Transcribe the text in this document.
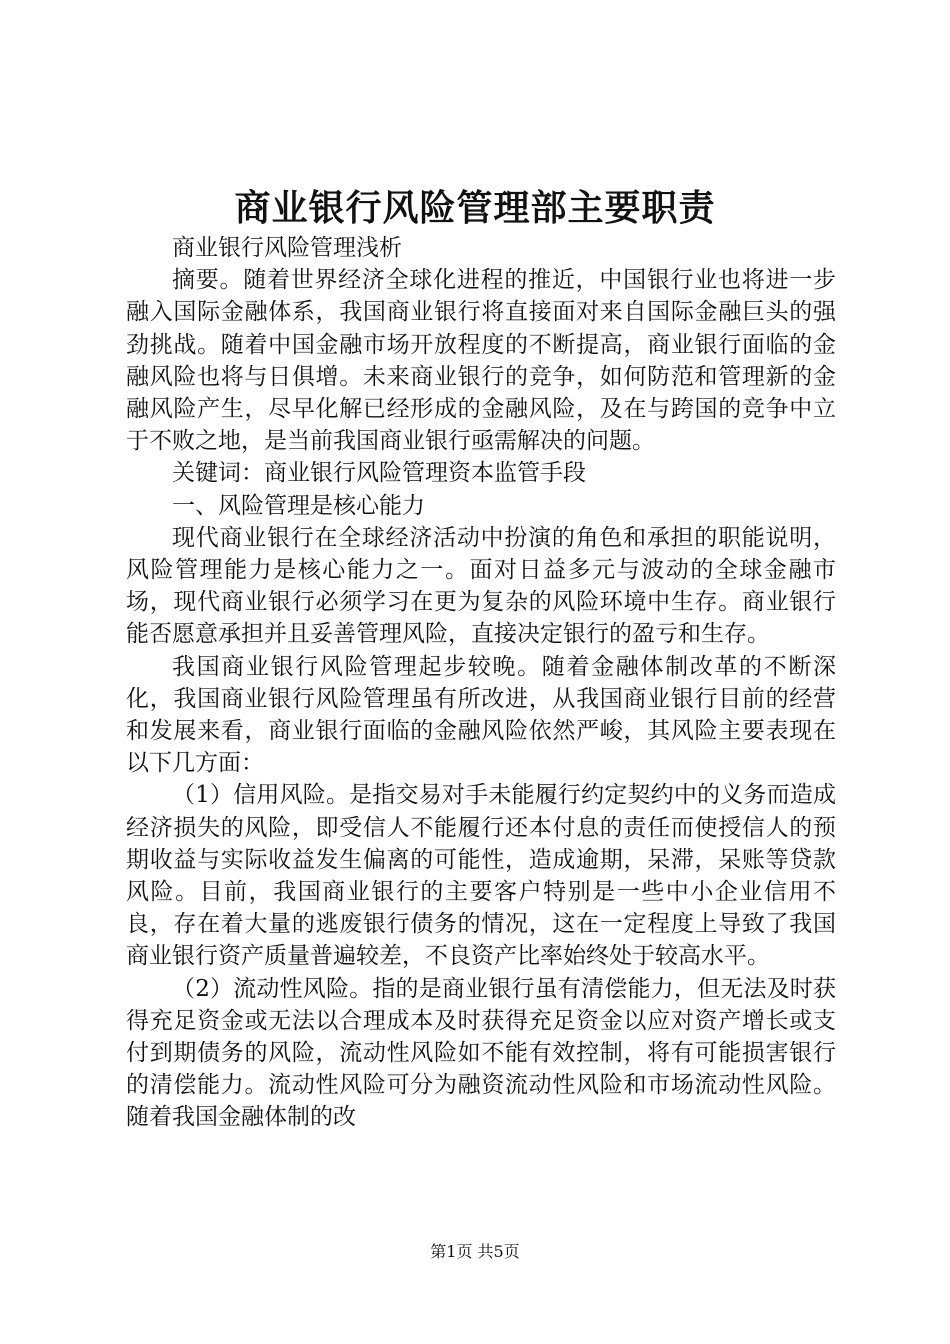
商业银行风险管理部主要职责

商业银行风险管理浅析

摘要。随着世界经济全球化进程的推近，中国银行业也将进一步融入国际金融体系，我国商业银行将直接面对来自国际金融巨头的强劲挑战。随着中国金融市场开放程度的不断提高，商业银行面临的金融风险也将与日俱增。未来商业银行的竞争，如何防范和管理新的金融风险产生，尽早化解已经形成的金融风险，及在与跨国的竞争中立于不败之地，是当前我国商业银行亟需解决的问题。

关键词：商业银行风险管理资本监管手段

一、风险管理是核心能力

现代商业银行在全球经济活动中扮演的角色和承担的职能说明，风险管理能力是核心能力之一。面对日益多元与波动的全球金融市场，现代商业银行必须学习在更为复杂的风险环境中生存。商业银行能否愿意承担并且妥善管理风险，直接决定银行的盈亏和生存。

我国商业银行风险管理起步较晚。随着金融体制改革的不断深化，我国商业银行风险管理虽有所改进，从我国商业银行目前的经营和发展来看，商业银行面临的金融风险依然严峻，其风险主要表现在以下几方面：

（1）信用风险。是指交易对手未能履行约定契约中的义务而造成经济损失的风险，即受信人不能履行还本付息的责任而使授信人的预期收益与实际收益发生偏离的可能性，造成逾期，呆滞，呆账等贷款风险。目前，我国商业银行的主要客户特别是一些中小企业信用不良，存在着大量的逃废银行债务的情况，这在一定程度上导致了我国商业银行资产质量普遍较差，不良资产比率始终处于较高水平。

（2）流动性风险。指的是商业银行虽有清偿能力，但无法及时获得充足资金或无法以合理成本及时获得充足资金以应对资产增长或支付到期债务的风险，流动性风险如不能有效控制，将有可能损害银行的清偿能力。流动性风险可分为融资流动性风险和市场流动性风险。随着我国金融体制的改

第1页 共5页
